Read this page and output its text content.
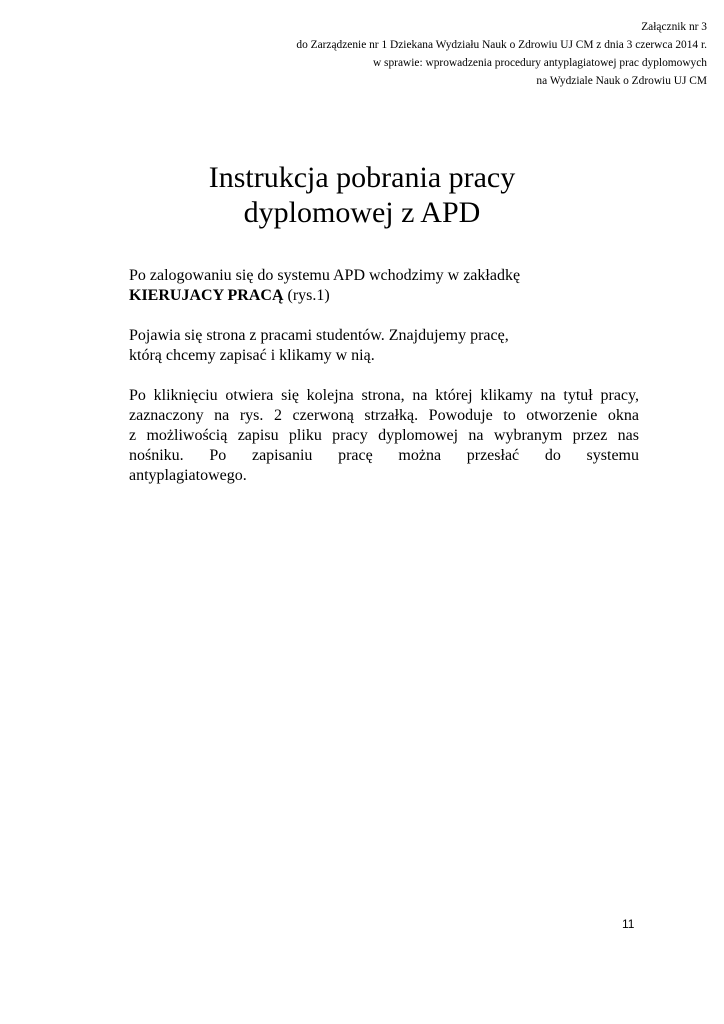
Załącznik nr 3
do Zarządzenie nr 1 Dziekana Wydziału Nauk o Zdrowiu UJ CM z dnia 3 czerwca 2014 r.
w sprawie: wprowadzenia procedury antyplagiatowej prac dyplomowych
na Wydziale Nauk o Zdrowiu UJ CM
Instrukcja pobrania pracy
dyplomowej z APD

Po zalogowaniu się do systemu APD wchodzimy w zakładkę
KIERUJACY PRACĄ (rys.1)

Pojawia się strona z pracami studentów. Znajdujemy pracę,
którą chcemy zapisać i klikamy w nią.

Po kliknięciu otwiera się kolejna strona, na której klikamy na tytuł pracy,
zaznaczony na rys. 2 czerwoną strzałką. Powoduje to otworzenie okna
z możliwością zapisu pliku pracy dyplomowej na wybranym przez nas
nośniku. Po zapisaniu pracę można przesłać do systemu
antyplagiatowego.

11
